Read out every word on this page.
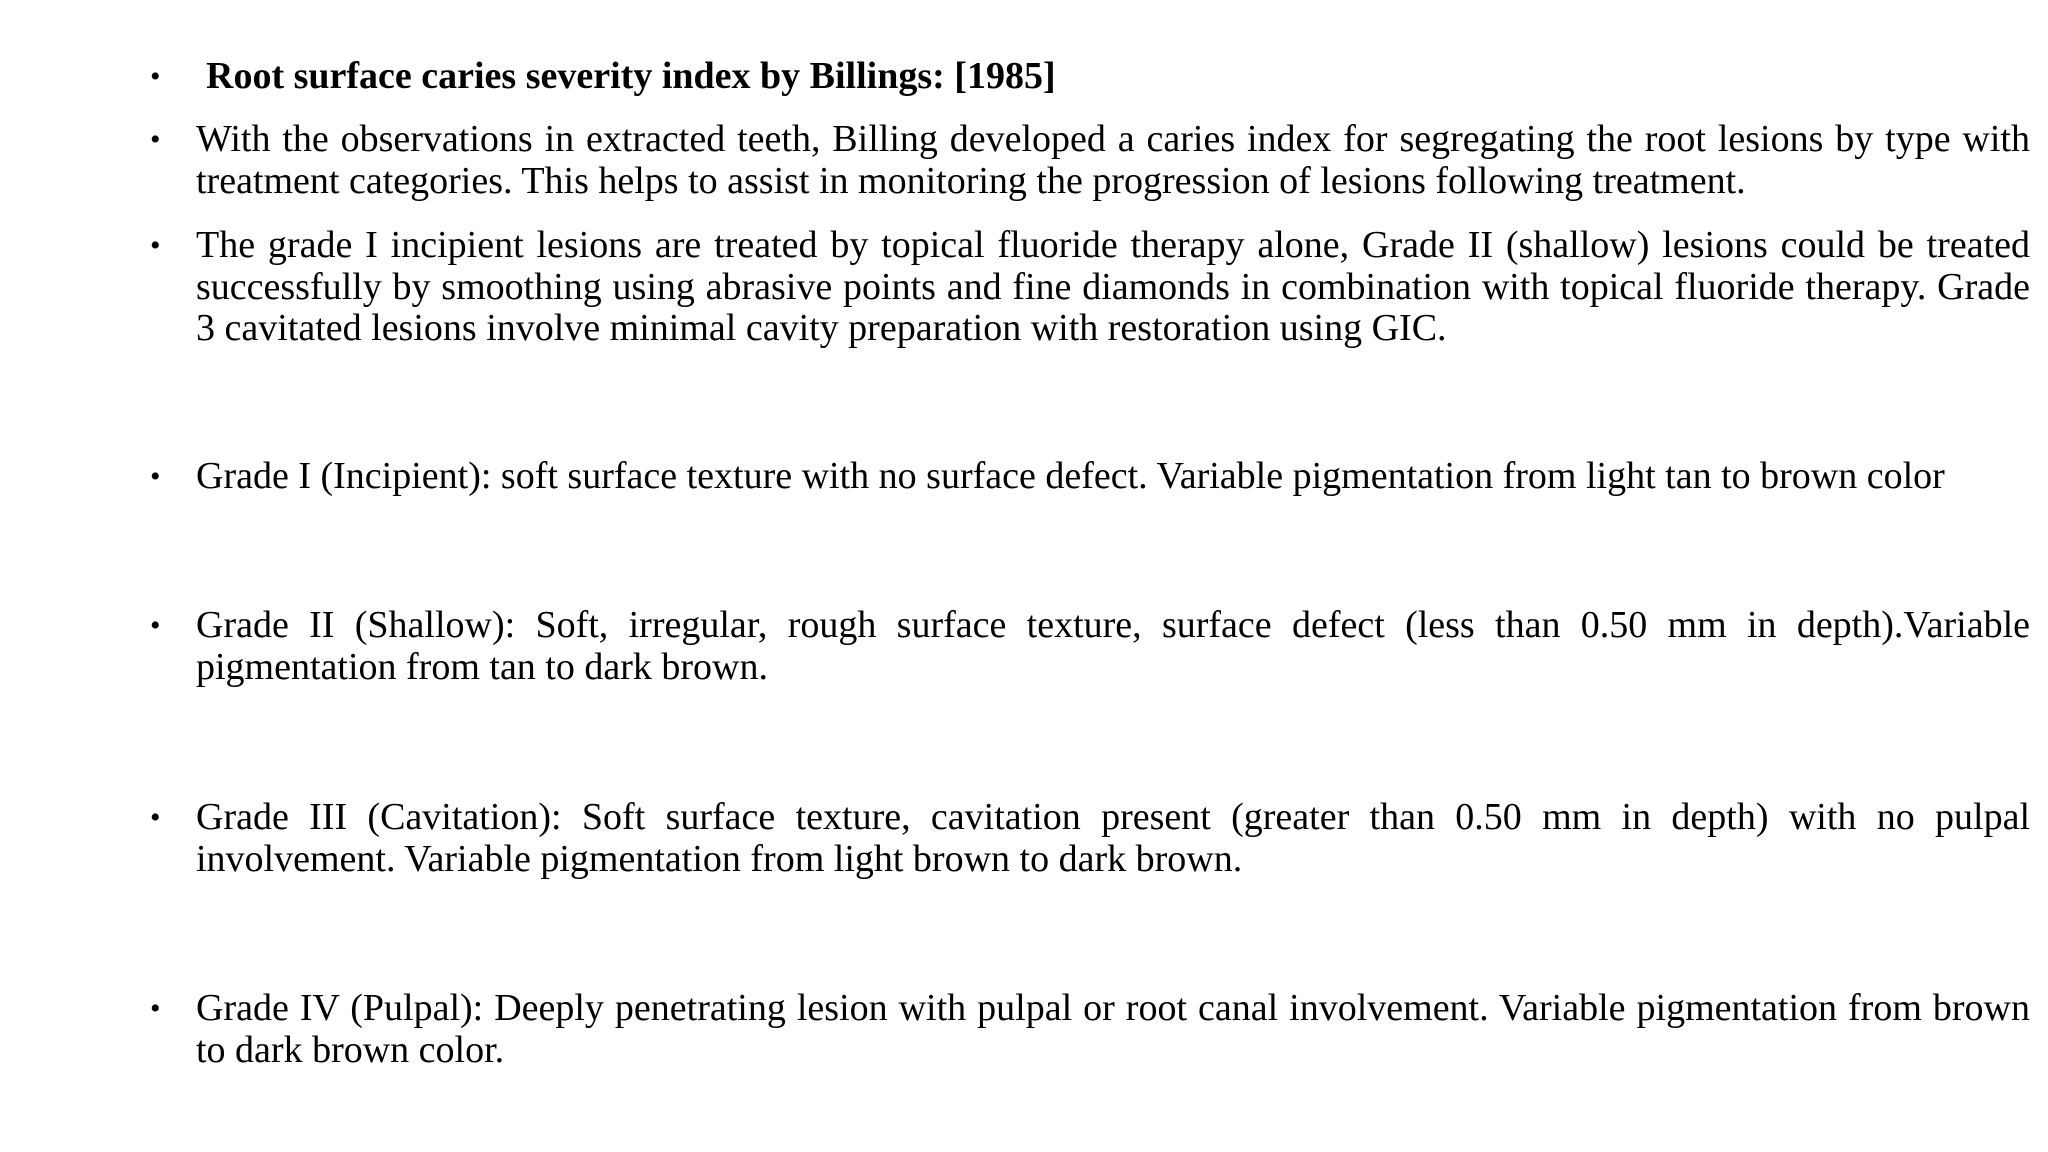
•	Root surface caries severity index by Billings: [1985]
• With the observations in extracted teeth, Billing developed a caries index for segregating the root lesions by type with treatment categories. This helps to assist in monitoring the progression of lesions following treatment.
• The grade I incipient lesions are treated by topical fluoride therapy alone, Grade II (shallow) lesions could be treated successfully by smoothing using abrasive points and fine diamonds in combination with topical fluoride therapy. Grade 3 cavitated lesions involve minimal cavity preparation with restoration using GIC.
• Grade I (Incipient): soft surface texture with no surface defect. Variable pigmentation from light tan to brown color
• Grade II (Shallow): Soft, irregular, rough surface texture, surface defect (less than 0.50 mm in depth).Variable pigmentation from tan to dark brown.
• Grade III (Cavitation): Soft surface texture, cavitation present (greater than 0.50 mm in depth) with no pulpal involvement. Variable pigmentation from light brown to dark brown.
• Grade IV (Pulpal): Deeply penetrating lesion with pulpal or root canal involvement. Variable pigmentation from brown to dark brown color.
